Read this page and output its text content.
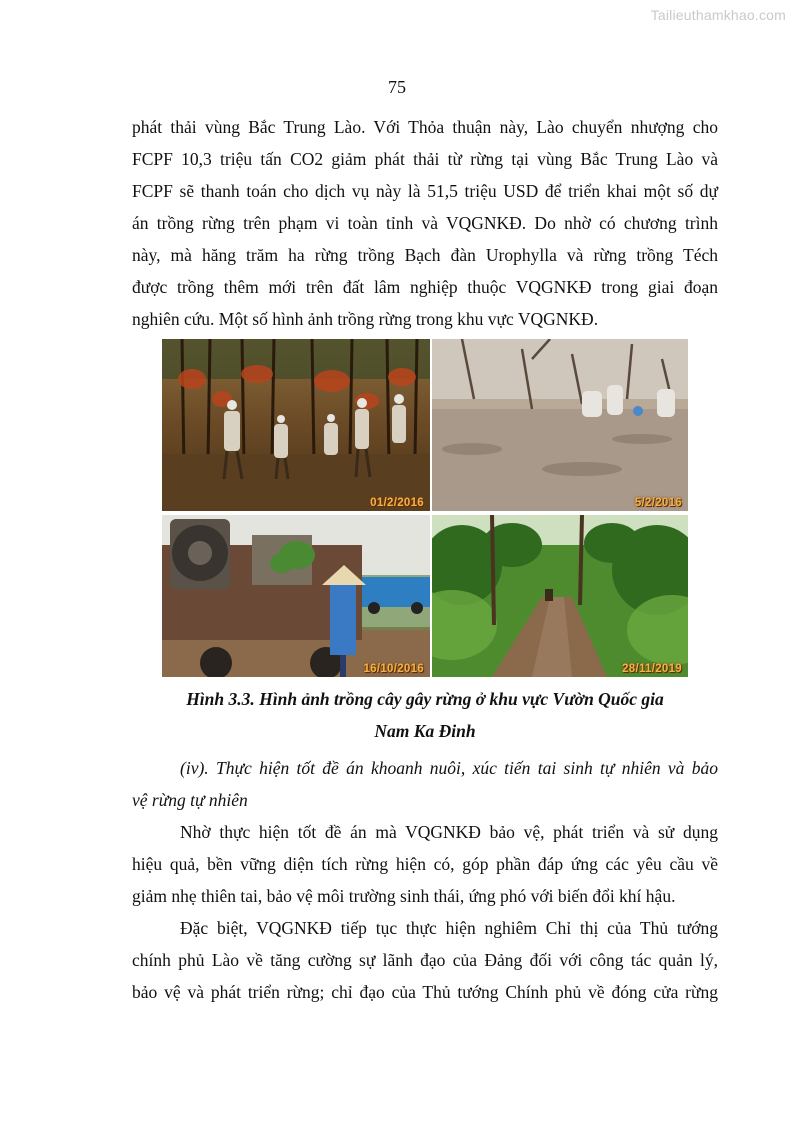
Tailieuthamkhao.com
75

phát thải vùng Bắc Trung Lào. Với Thỏa thuận này, Lào chuyển nhượng cho

FCPF 10,3 triệu tấn CO2 giảm phát thải từ rừng tại vùng Bắc Trung Lào và

FCPF sẽ thanh toán cho dịch vụ này là 51,5 triệu USD để triển khai một số dự

án trồng rừng trên phạm vi toàn tỉnh và VQGNKĐ. Do nhờ có chương trình

này, mà hăng trăm ha rừng trồng Bạch đàn Urophylla và rừng trồng Téch

được trồng thêm mới trên đất lâm nghiệp thuộc VQGNKĐ trong giai đoạn

nghiên cứu. Một số hình ảnh trồng rừng trong khu vực VQGNKĐ.

01/2/2016	5/2/2016
16/10/2016	28/11/2019
Hình 3.3. Hình ảnh trồng cây gây rừng ở khu vực Vườn Quốc gia
Nam Ka Đinh

(iv). Thực hiện tốt đề án khoanh nuôi, xúc tiến tai sinh tự nhiên và bảo

vệ rừng tự nhiên

Nhờ thực hiện tốt đề án mà VQGNKĐ bảo vệ, phát triển và sử dụng

hiệu quả, bền vững diện tích rừng hiện có, góp phần đáp ứng các yêu cầu về

giảm nhẹ thiên tai, bảo vệ môi trường sinh thái, ứng phó với biến đổi khí hậu.

Đặc biệt, VQGNKĐ tiếp tục thực hiện nghiêm Chỉ thị của Thủ tướng

chính phủ Lào về tăng cường sự lãnh đạo của Đảng đối với công tác quản lý,

bảo vệ và phát triển rừng; chỉ đạo của Thủ tướng Chính phủ về đóng cửa rừng
